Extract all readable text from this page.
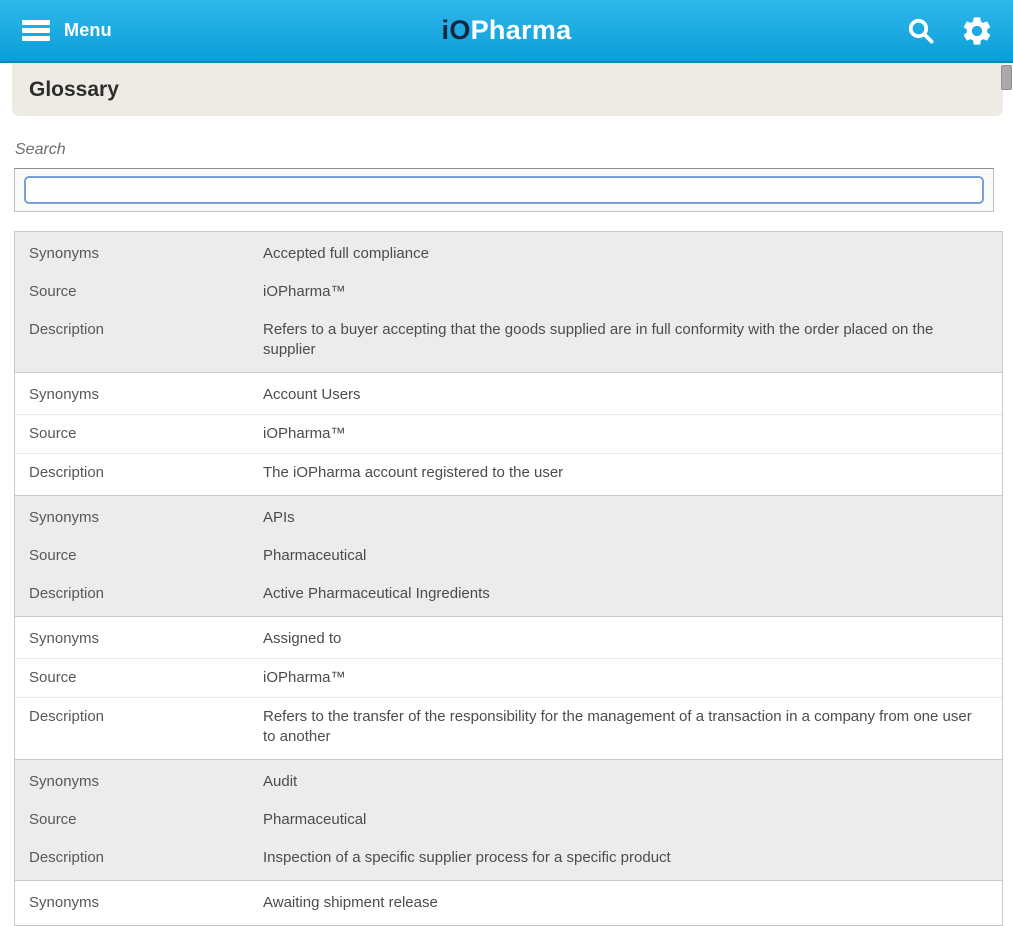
Menu	iO Pharma
Glossary
Search
Synonyms	Accepted full compliance
Source	iOPharma™
Description	Refers to a buyer accepting that the goods supplied are in full conformity with the order placed on the supplier
Synonyms	Account Users
Source	iOPharma™
Description	The iOPharma account registered to the user
Synonyms	APIs
Source	Pharmaceutical
Description	Active Pharmaceutical Ingredients
Synonyms	Assigned to
Source	iOPharma™
Description	Refers to the transfer of the responsibility for the management of a transaction in a company from one user to another
Synonyms	Audit
Source	Pharmaceutical
Description	Inspection of a specific supplier process for a specific product
Synonyms	Awaiting shipment release
